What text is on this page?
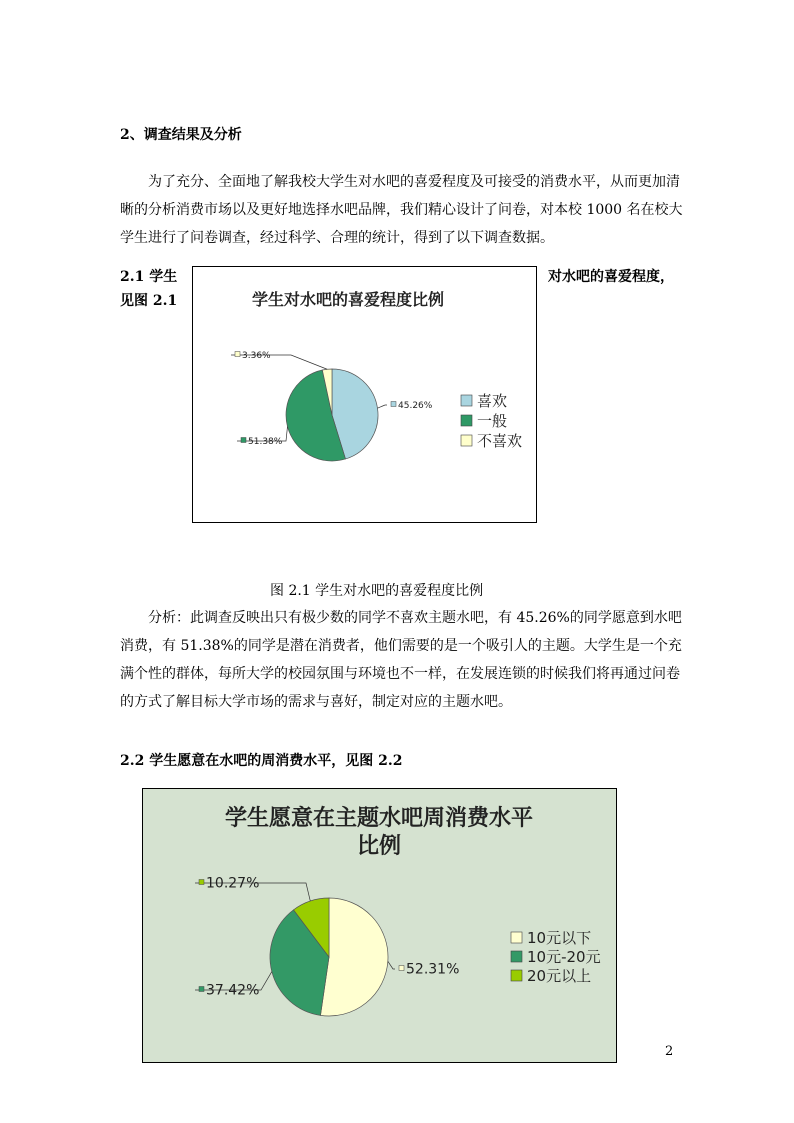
2、调查结果及分析
为了充分、全面地了解我校大学生对水吧的喜爱程度及可接受的消费水平，从而更加清
晰的分析消费市场以及更好地选择水吧品牌，我们精心设计了问卷，对本校 1000 名在校大
学生进行了问卷调查，经过科学、合理的统计，得到了以下调查数据。
2.1 学生	对水吧的喜爱程度，
见图 2.1	学生对水吧的喜爱程度比例
45.26%
51.38%
3.36%
喜欢
一般
不喜欢
图 2.1 学生对水吧的喜爱程度比例
分析：此调查反映出只有极少数的同学不喜欢主题水吧，有 45.26%的同学愿意到水吧
消费，有 51.38%的同学是潜在消费者，他们需要的是一个吸引人的主题。大学生是一个充
满个性的群体，每所大学的校园氛围与环境也不一样，在发展连锁的时候我们将再通过问卷
的方式了解目标大学市场的需求与喜好，制定对应的主题水吧。
2.2 学生愿意在水吧的周消费水平，见图 2.2
学生愿意在主题水吧周消费水平
比例
52.31%
37.42%
10.27%
10元以下
10元-20元
20元以上
2
